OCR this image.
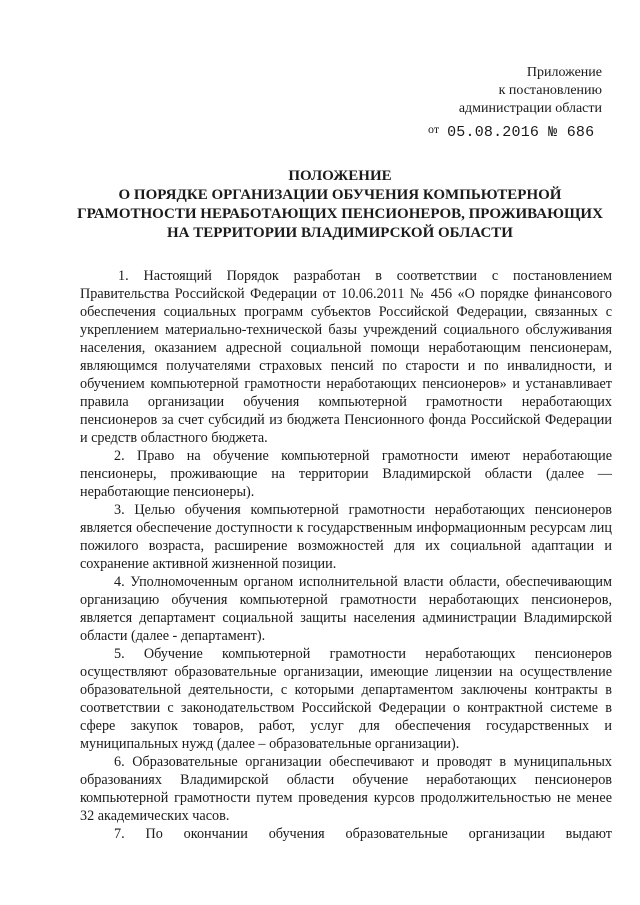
Приложение
к постановлению
администрации области
от 05.08.2016 № 686
ПОЛОЖЕНИЕ
О ПОРЯДКЕ ОРГАНИЗАЦИИ ОБУЧЕНИЯ КОМПЬЮТЕРНОЙ
ГРАМОТНОСТИ НЕРАБОТАЮЩИХ ПЕНСИОНЕРОВ, ПРОЖИВАЮЩИХ
НА ТЕРРИТОРИИ ВЛАДИМИРСКОЙ ОБЛАСТИ

1. Настоящий Порядок разработан в соответствии с постановлением Правительства Российской Федерации от 10.06.2011 № 456 «О порядке финансового обеспечения социальных программ субъектов Российской Федерации, связанных с укреплением материально-технической базы учреждений социального обслуживания населения, оказанием адресной социальной помощи неработающим пенсионерам, являющимся получателями страховых пенсий по старости и по инвалидности, и обучением компьютерной грамотности неработающих пенсионеров» и устанавливает правила организации обучения компьютерной грамотности неработающих пенсионеров за счет субсидий из бюджета Пенсионного фонда Российской Федерации и средств областного бюджета.

2. Право на обучение компьютерной грамотности имеют неработающие пенсионеры, проживающие на территории Владимирской области (далее — неработающие пенсионеры).

3. Целью обучения компьютерной грамотности неработающих пенсионеров является обеспечение доступности к государственным информационным ресурсам лиц пожилого возраста, расширение возможностей для их социальной адаптации и сохранение активной жизненной позиции.

4. Уполномоченным органом исполнительной власти области, обеспечивающим организацию обучения компьютерной грамотности неработающих пенсионеров, является департамент социальной защиты населения администрации Владимирской области (далее - департамент).

5. Обучение компьютерной грамотности неработающих пенсионеров осуществляют образовательные организации, имеющие лицензии на осуществление образовательной деятельности, с которыми департаментом заключены контракты в соответствии с законодательством Российской Федерации о контрактной системе в сфере закупок товаров, работ, услуг для обеспечения государственных и муниципальных нужд (далее – образовательные организации).

6. Образовательные организации обеспечивают и проводят в муниципальных образованиях Владимирской области обучение неработающих пенсионеров компьютерной грамотности путем проведения курсов продолжительностью не менее 32 академических часов.

7. По окончании обучения образовательные организации выдают
